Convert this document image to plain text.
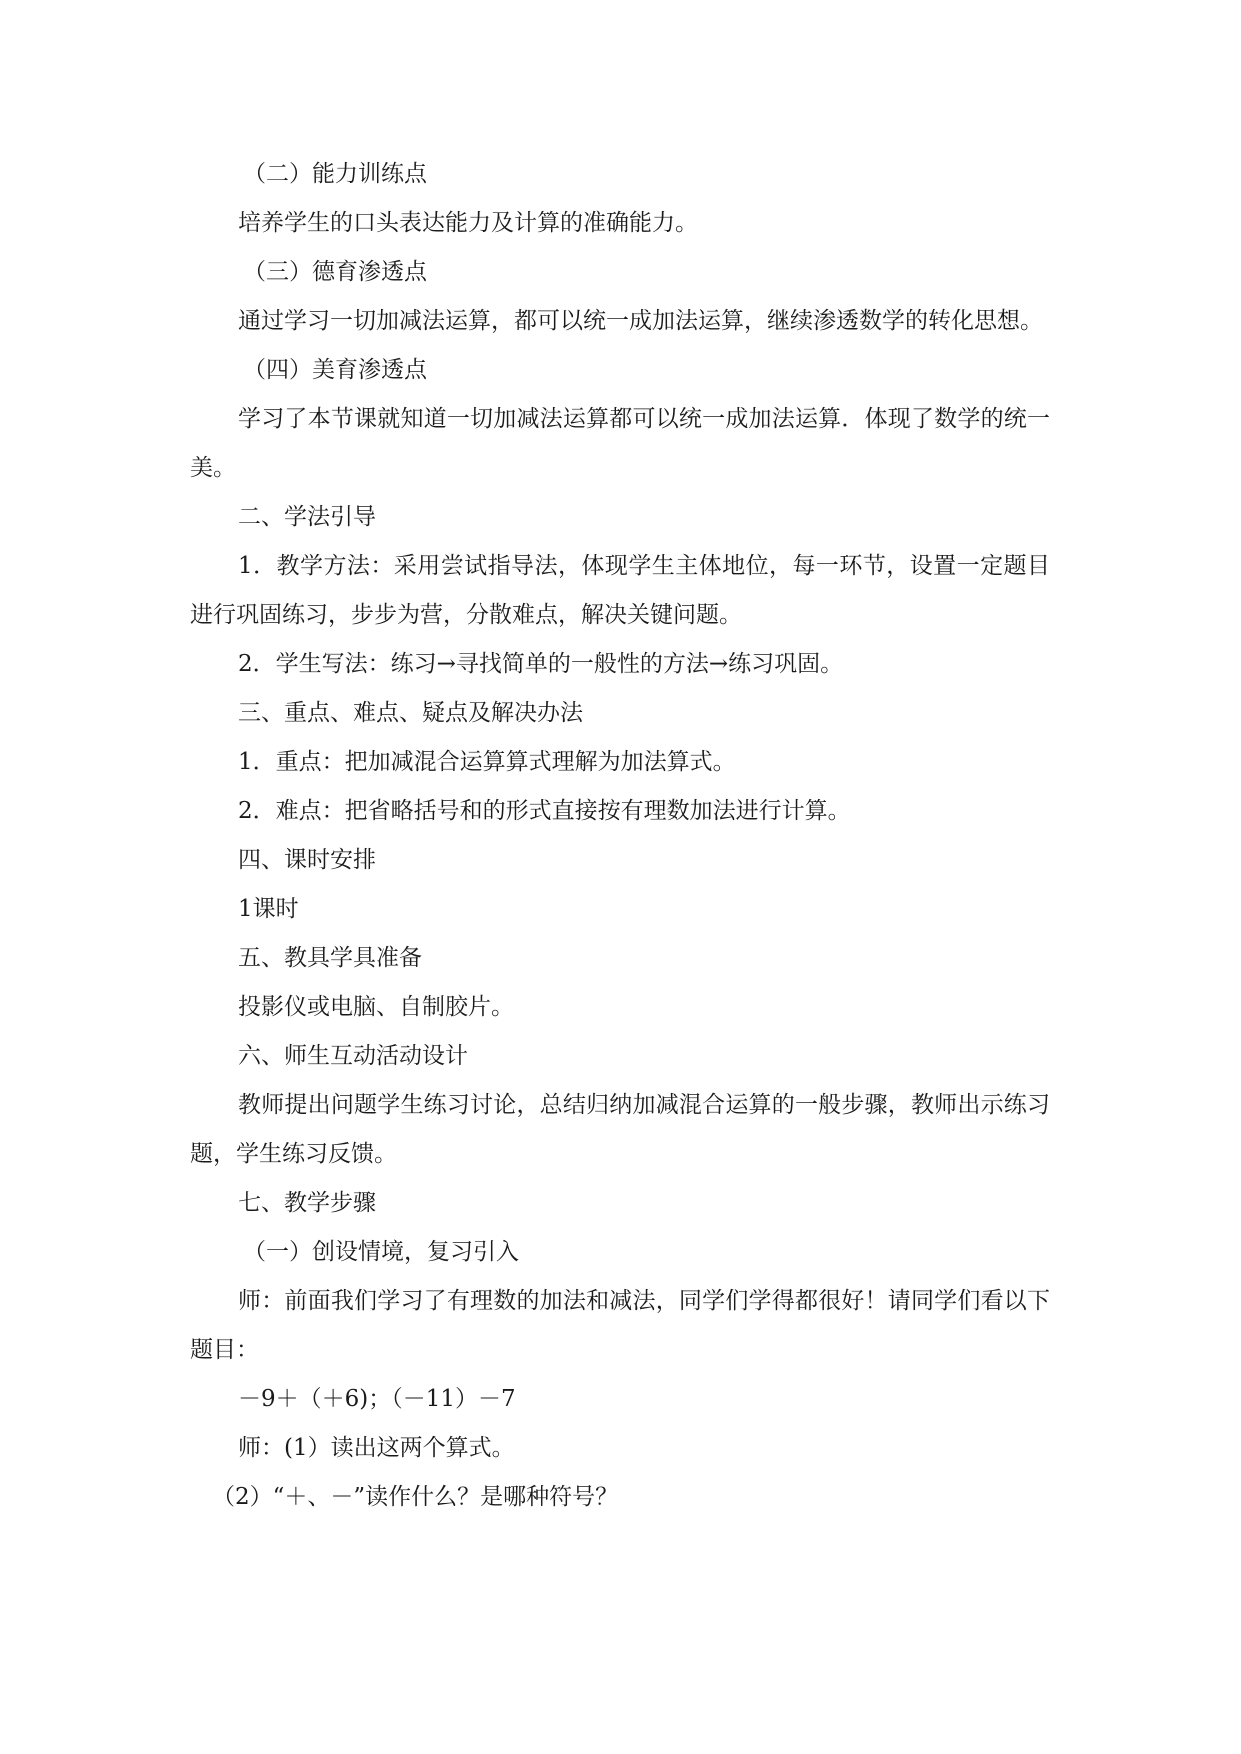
（二）能力训练点

培养学生的口头表达能力及计算的准确能力。

（三）德育渗透点

通过学习一切加减法运算，都可以统一成加法运算，继续渗透数学的转化思想。

（四）美育渗透点

学习了本节课就知道一切加减法运算都可以统一成加法运算．体现了数学的统一美。

二、学法引导

1．教学方法：采用尝试指导法，体现学生主体地位，每一环节，设置一定题目进行巩固练习，步步为营，分散难点，解决关键问题。

2．学生写法：练习→寻找简单的一般性的方法→练习巩固。

三、重点、难点、疑点及解决办法

1．重点：把加减混合运算算式理解为加法算式。

2．难点：把省略括号和的形式直接按有理数加法进行计算。

四、课时安排

1课时

五、教具学具准备

投影仪或电脑、自制胶片。

六、师生互动活动设计

教师提出问题学生练习讨论，总结归纳加减混合运算的一般步骤，教师出示练习题，学生练习反馈。

七、教学步骤

（一）创设情境，复习引入

师：前面我们学习了有理数的加法和减法，同学们学得都很好！请同学们看以下题目：

－9＋（＋6)；（－11）－7

师：(1）读出这两个算式。

（2）“＋、－”读作什么？是哪种符号？
